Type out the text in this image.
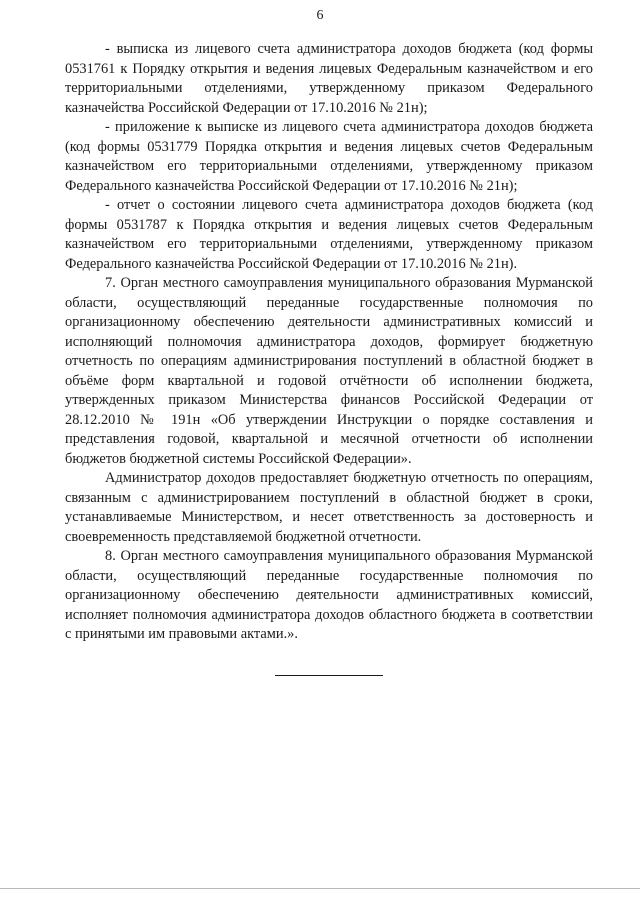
6

- выписка из лицевого счета администратора доходов бюджета (код формы 0531761 к Порядку открытия и ведения лицевых Федеральным казначейством и его территориальными отделениями, утвержденному приказом Федерального казначейства Российской Федерации от 17.10.2016 № 21н);

- приложение к выписке из лицевого счета администратора доходов бюджета (код формы 0531779 Порядка открытия и ведения лицевых счетов Федеральным казначейством его территориальными отделениями, утвержденному приказом Федерального казначейства Российской Федерации от 17.10.2016 № 21н);

- отчет о состоянии лицевого счета администратора доходов бюджета (код формы 0531787 к Порядка открытия и ведения лицевых счетов Федеральным казначейством его территориальными отделениями, утвержденному приказом Федерального казначейства Российской Федерации от 17.10.2016 № 21н).

7. Орган местного самоуправления муниципального образования Мурманской области, осуществляющий переданные государственные полномочия по организационному обеспечению деятельности административных комиссий и исполняющий полномочия администратора доходов, формирует бюджетную отчетность по операциям администрирования поступлений в областной бюджет в объёме форм квартальной и годовой отчётности об исполнении бюджета, утвержденных приказом Министерства финансов Российской Федерации от 28.12.2010 № 191н «Об утверждении Инструкции о порядке составления и представления годовой, квартальной и месячной отчетности об исполнении бюджетов бюджетной системы Российской Федерации».

Администратор доходов предоставляет бюджетную отчетность по операциям, связанным с администрированием поступлений в областной бюджет в сроки, устанавливаемые Министерством, и несет ответственность за достоверность и своевременность представляемой бюджетной отчетности.

8. Орган местного самоуправления муниципального образования Мурманской области, осуществляющий переданные государственные полномочия по организационному обеспечению деятельности административных комиссий, исполняет полномочия администратора доходов областного бюджета в соответствии с принятыми им правовыми актами.».
